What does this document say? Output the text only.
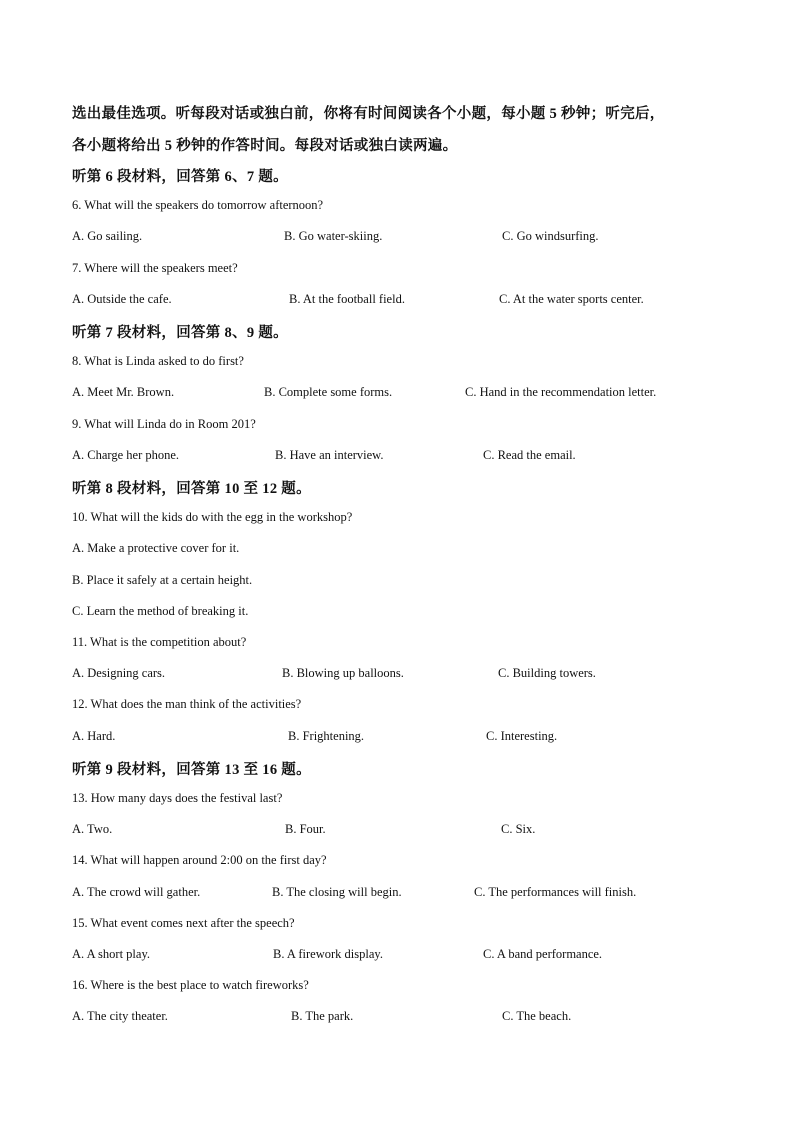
选出最佳选项。听每段对话或独白前，你将有时间阅读各个小题，每小题 5 秒钟；听完后，
各小题将给出 5 秒钟的作答时间。每段对话或独白读两遍。
听第 6 段材料，回答第 6、7 题。
6. What will the speakers do tomorrow afternoon?
A. Go sailing.	B. Go water-skiing.	C. Go windsurfing.
7. Where will the speakers meet?
A. Outside the cafe.	B. At the football field.	C. At the water sports center.
听第 7 段材料，回答第 8、9 题。
8. What is Linda asked to do first?
A. Meet Mr. Brown.	B. Complete some forms.	C. Hand in the recommendation letter.
9. What will Linda do in Room 201?
A. Charge her phone.	B. Have an interview.	C. Read the email.
听第 8 段材料，回答第 10 至 12 题。
10. What will the kids do with the egg in the workshop?
A. Make a protective cover for it.
B. Place it safely at a certain height.
C. Learn the method of breaking it.
11. What is the competition about?
A. Designing cars.	B. Blowing up balloons.	C. Building towers.
12. What does the man think of the activities?
A. Hard.	B. Frightening.	C. Interesting.
听第 9 段材料，回答第 13 至 16 题。
13. How many days does the festival last?
A. Two.	B. Four.	C. Six.
14. What will happen around 2:00 on the first day?
A. The crowd will gather.	B. The closing will begin.	C. The performances will finish.
15. What event comes next after the speech?
A. A short play.	B. A firework display.	C. A band performance.
16. Where is the best place to watch fireworks?
A. The city theater.	B. The park.	C. The beach.
